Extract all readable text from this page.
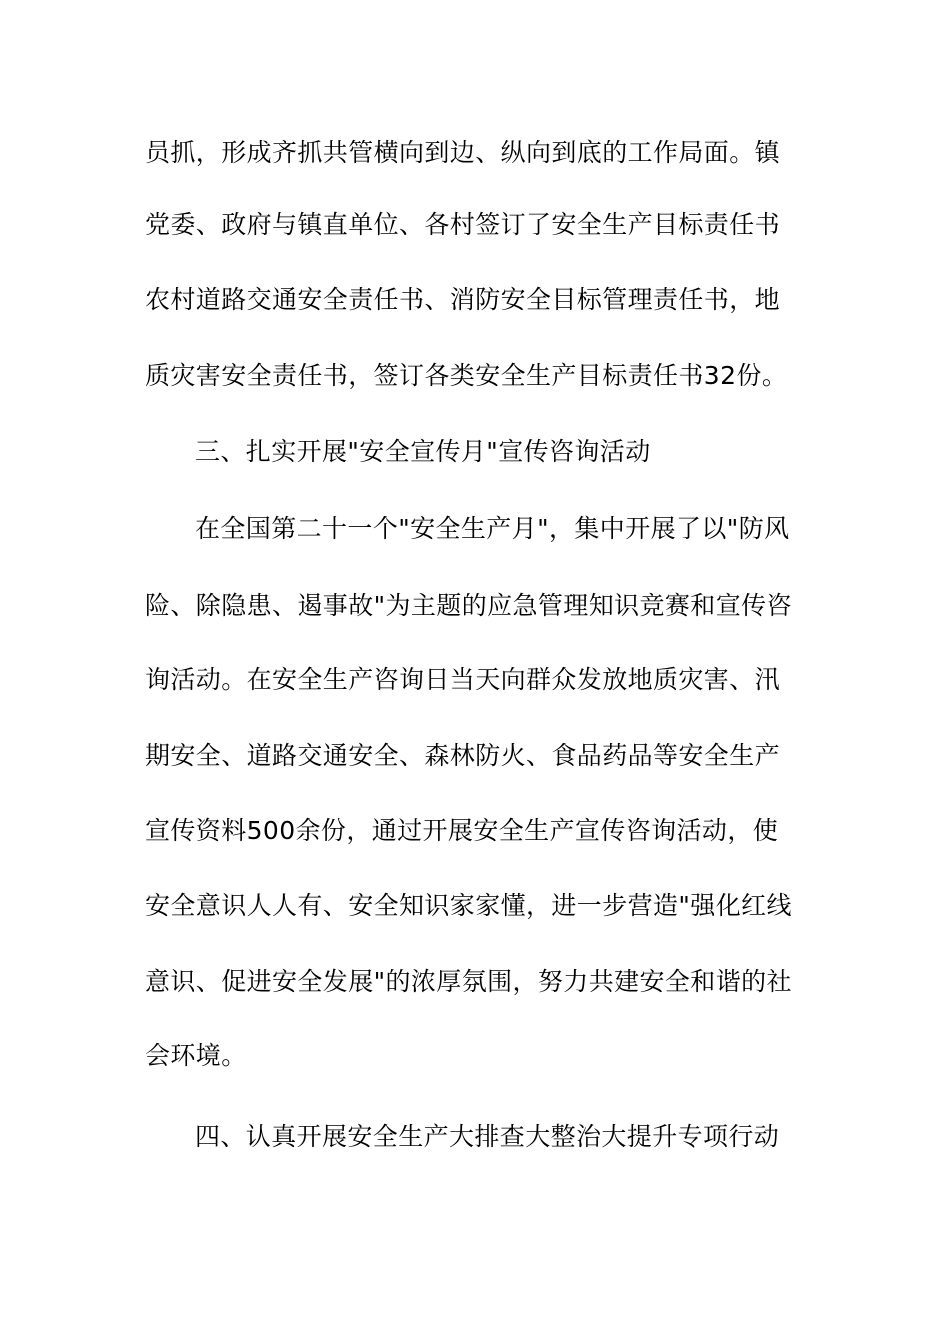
员抓，形成齐抓共管横向到边、纵向到底的工作局面。镇
党委、政府与镇直单位、各村签订了安全生产目标责任书
农村道路交通安全责任书、消防安全目标管理责任书，地
质灾害安全责任书，签订各类安全生产目标责任书32份。
三、扎实开展"安全宣传月"宣传咨询活动
在全国第二十一个"安全生产月"，集中开展了以"防风
险、除隐患、遏事故"为主题的应急管理知识竞赛和宣传咨
询活动。在安全生产咨询日当天向群众发放地质灾害、汛
期安全、道路交通安全、森林防火、食品药品等安全生产
宣传资料500余份，通过开展安全生产宣传咨询活动，使
安全意识人人有、安全知识家家懂，进一步营造"强化红线
意识、促进安全发展"的浓厚氛围，努力共建安全和谐的社
会环境。
四、认真开展安全生产大排查大整治大提升专项行动
